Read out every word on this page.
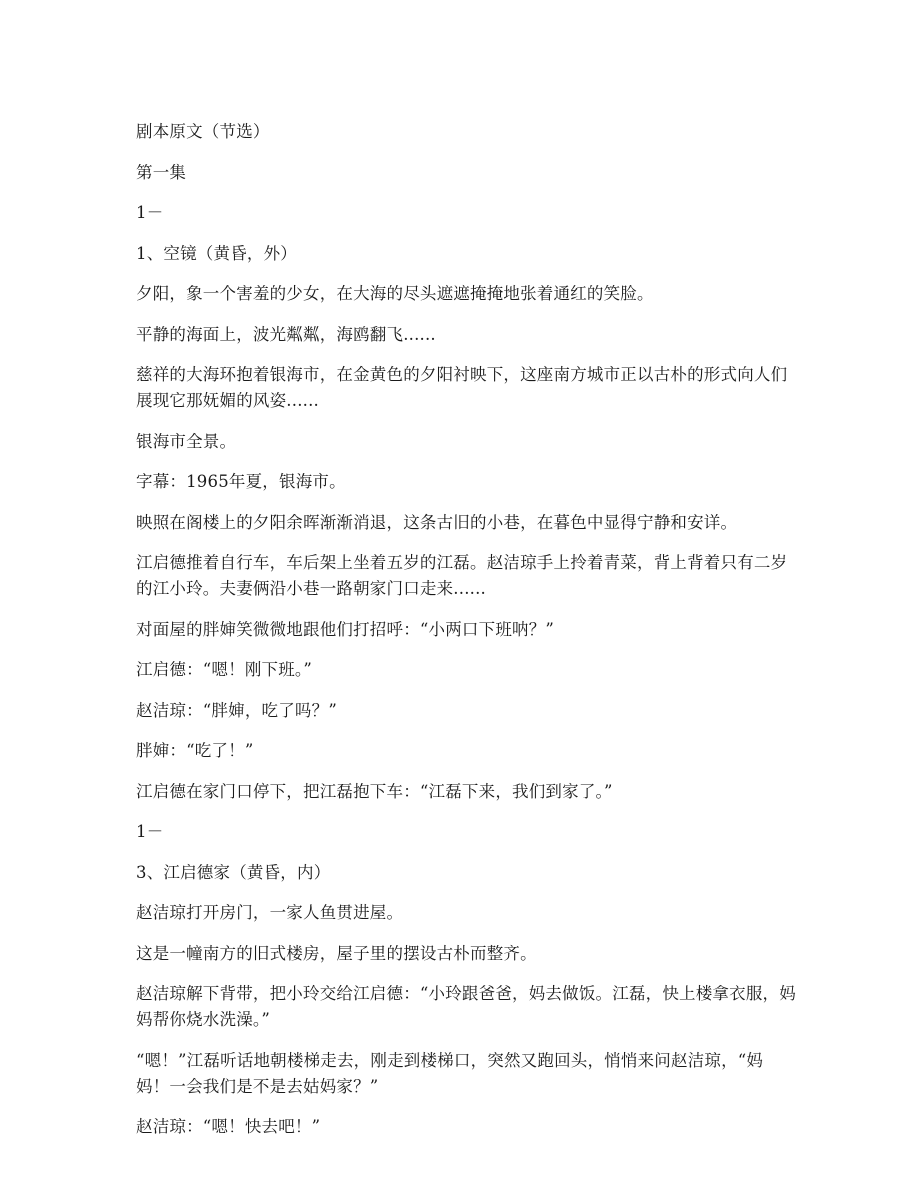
剧本原文（节选）

第一集

1－

1、空镜（黄昏，外）

夕阳，象一个害羞的少女，在大海的尽头遮遮掩掩地张着通红的笑脸。

平静的海面上，波光粼粼，海鸥翻飞......

慈祥的大海环抱着银海市，在金黄色的夕阳衬映下，这座南方城市正以古朴的形式向人们展现它那妩媚的风姿......

银海市全景。

字幕：1965年夏，银海市。

映照在阁楼上的夕阳余晖渐渐消退，这条古旧的小巷，在暮色中显得宁静和安详。

江启德推着自行车，车后架上坐着五岁的江磊。赵洁琼手上拎着青菜，背上背着只有二岁的江小玲。夫妻俩沿小巷一路朝家门口走来......

对面屋的胖婶笑微微地跟他们打招呼：“小两口下班呐？”

江启德：“嗯！刚下班。”

赵洁琼：“胖婶，吃了吗？”

胖婶：“吃了！”

江启德在家门口停下，把江磊抱下车：“江磊下来，我们到家了。”

1－

3、江启德家（黄昏，内）

赵洁琼打开房门，一家人鱼贯进屋。

这是一幢南方的旧式楼房，屋子里的摆设古朴而整齐。

赵洁琼解下背带，把小玲交给江启德：“小玲跟爸爸，妈去做饭。江磊，快上楼拿衣服，妈妈帮你烧水洗澡。”

“嗯！”江磊听话地朝楼梯走去，刚走到楼梯口，突然又跑回头，悄悄来问赵洁琼，“妈妈！一会我们是不是去姑妈家？”

赵洁琼：“嗯！快去吧！”
